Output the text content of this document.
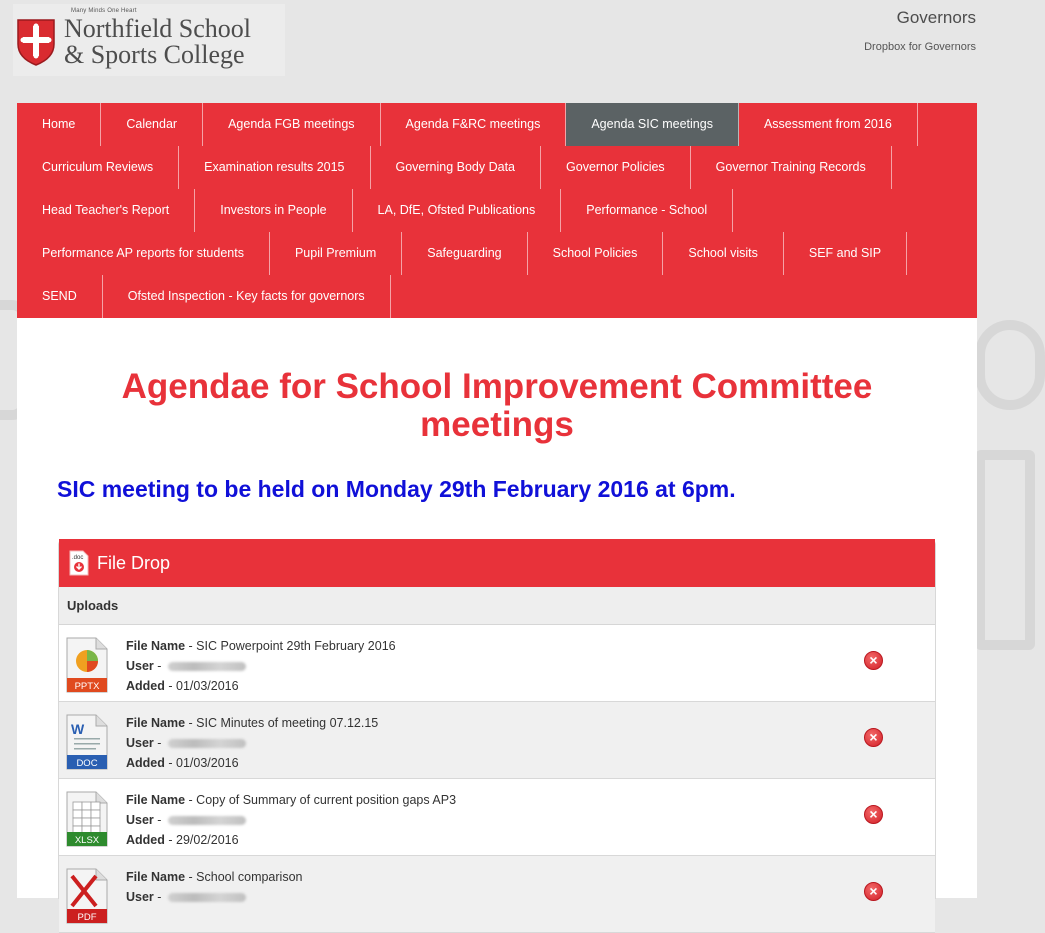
Many Minds One Heart
Northfield School
& Sports College
Governors
Dropbox for Governors
Home	Calendar	Agenda FGB meetings	Agenda F&RC meetings	Agenda SIC meetings	Assessment from 2016
Curriculum Reviews	Examination results 2015	Governing Body Data	Governor Policies	Governor Training Records
Head Teacher's Report	Investors in People	LA, DfE, Ofsted Publications	Performance - School
Performance AP reports for students	Pupil Premium	Safeguarding	School Policies	School visits	SEF and SIP
SEND	Ofsted Inspection - Key facts for governors
Agendae for School Improvement Committee meetings
SIC meeting to be held on Monday 29th February 2016 at 6pm.
.doc File Drop
Uploads
PPTX
File Name - SIC Powerpoint 29th February 2016
User -
Added - 01/03/2016
×
W
DOC
File Name - SIC Minutes of meeting 07.12.15
User -
Added - 01/03/2016
×
XLSX
File Name - Copy of Summary of current position gaps AP3
User -
Added - 29/02/2016
×
PDF
File Name - School comparison
User -	×
